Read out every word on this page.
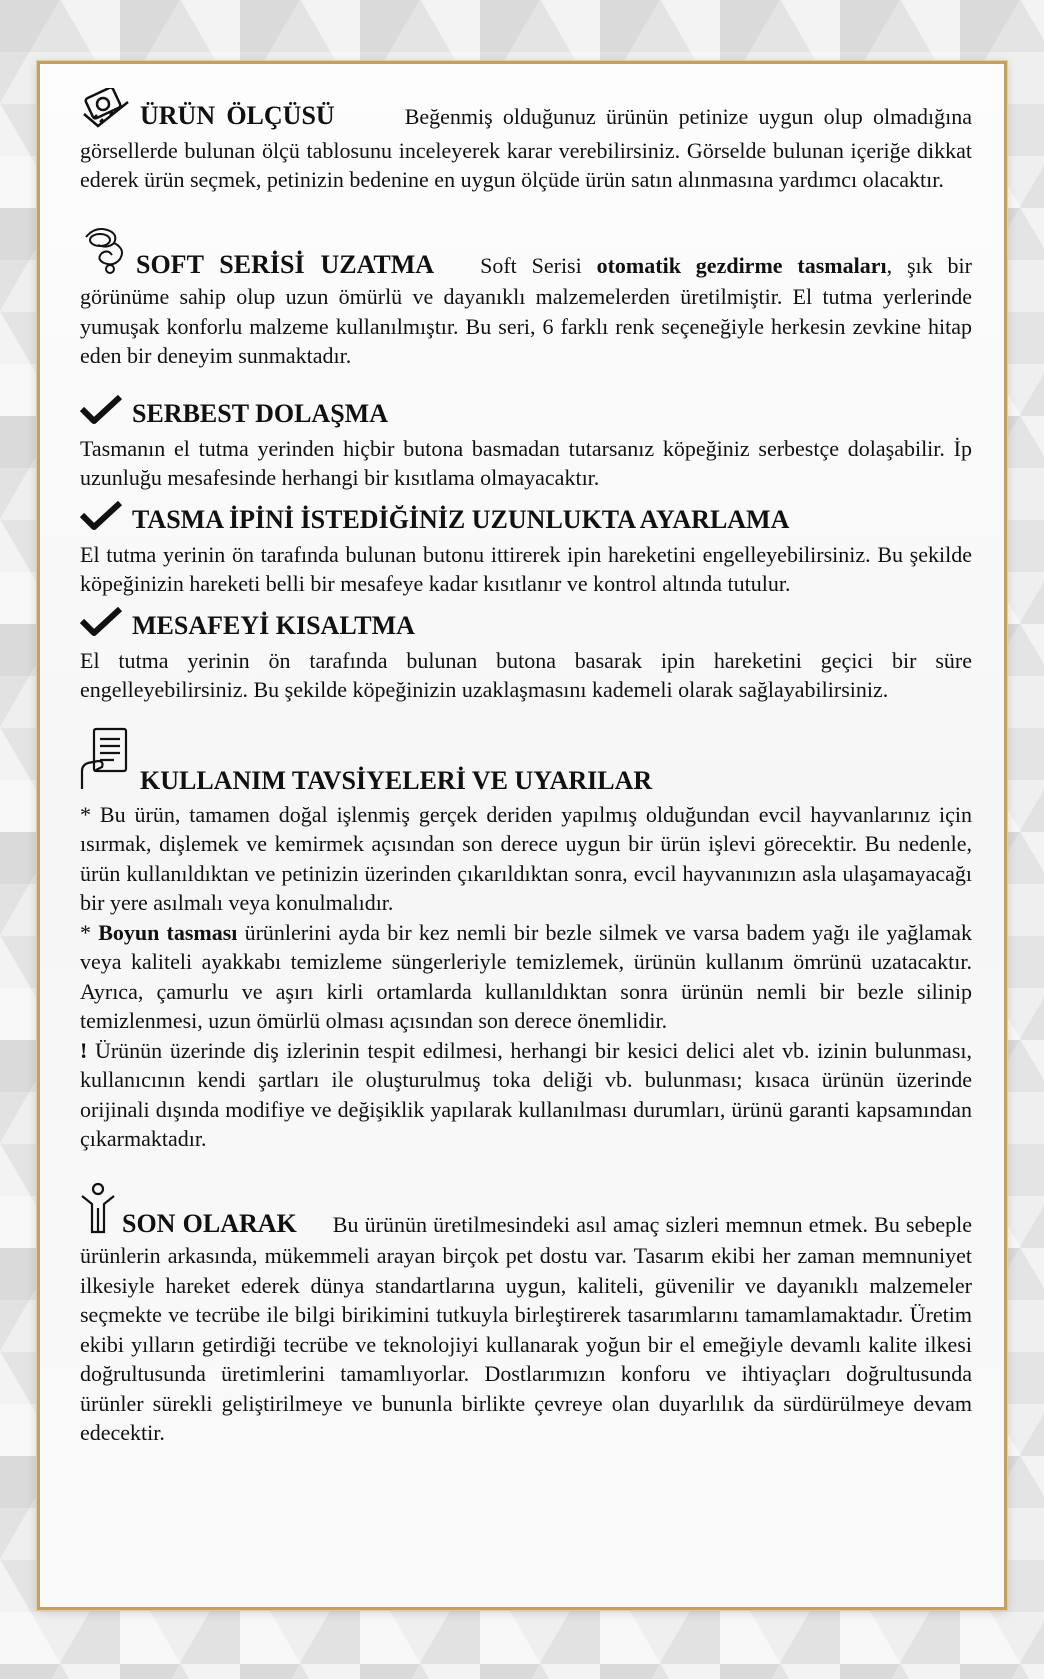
ÜRÜN ÖLÇÜSÜ	Beğenmiş olduğunuz ürünün petinize uygun olup olmadığına görsellerde bulunan ölçü tablosunu inceleyerek karar verebilirsiniz. Görselde bulunan içeriğe dikkat ederek ürün seçmek, petinizin bedenine en uygun ölçüde ürün satın alınmasına yardımcı olacaktır.

SOFT SERİSİ UZATMA Soft Serisi otomatik gezdirme tasmaları, şık bir görünüme sahip olup uzun ömürlü ve dayanıklı malzemelerden üretilmiştir. El tutma yerlerinde yumuşak konforlu malzeme kullanılmıştır. Bu seri, 6 farklı renk seçeneğiyle herkesin zevkine hitap eden bir deneyim sunmaktadır.

SERBEST DOLAŞMA

Tasmanın el tutma yerinden hiçbir butona basmadan tutarsanız köpeğiniz serbestçe dolaşabilir. İp uzunluğu mesafesinde herhangi bir kısıtlama olmayacaktır.

TASMA İPİNİ İSTEDİĞİNİZ UZUNLUKTA AYARLAMA

El tutma yerinin ön tarafında bulunan butonu ittirerek ipin hareketini engelleyebilirsiniz. Bu şekilde köpeğinizin hareketi belli bir mesafeye kadar kısıtlanır ve kontrol altında tutulur.

MESAFEYİ KISALTMA

El tutma yerinin ön tarafında bulunan butona basarak ipin hareketini geçici bir süre engelleyebilirsiniz. Bu şekilde köpeğinizin uzaklaşmasını kademeli olarak sağlayabilirsiniz.

KULLANIM TAVSİYELERİ VE UYARILAR

* Bu ürün, tamamen doğal işlenmiş gerçek deriden yapılmış olduğundan evcil hayvanlarınız için ısırmak, dişlemek ve kemirmek açısından son derece uygun bir ürün işlevi görecektir. Bu nedenle, ürün kullanıldıktan ve petinizin üzerinden çıkarıldıktan sonra, evcil hayvanınızın asla ulaşamayacağı bir yere asılmalı veya konulmalıdır.

* Boyun tasması ürünlerini ayda bir kez nemli bir bezle silmek ve varsa badem yağı ile yağlamak veya kaliteli ayakkabı temizleme süngerleriyle temizlemek, ürünün kullanım ömrünü uzatacaktır. Ayrıca, çamurlu ve aşırı kirli ortamlarda kullanıldıktan sonra ürünün nemli bir bezle silinip temizlenmesi, uzun ömürlü olması açısından son derece önemlidir.

! Ürünün üzerinde diş izlerinin tespit edilmesi, herhangi bir kesici delici alet vb. izinin bulunması, kullanıcının kendi şartları ile oluşturulmuş toka deliği vb. bulunması; kısaca ürünün üzerinde orijinali dışında modifiye ve değişiklik yapılarak kullanılması durumları, ürünü garanti kapsamından çıkarmaktadır.

SON OLARAK Bu ürünün üretilmesindeki asıl amaç sizleri memnun etmek. Bu sebeple ürünlerin arkasında, mükemmeli arayan birçok pet dostu var. Tasarım ekibi her zaman memnuniyet ilkesiyle hareket ederek dünya standartlarına uygun, kaliteli, güvenilir ve dayanıklı malzemeler seçmekte ve tecrübe ile bilgi birikimini tutkuyla birleştirerek tasarımlarını tamamlamaktadır. Üretim ekibi yılların getirdiği tecrübe ve teknolojiyi kullanarak yoğun bir el emeğiyle devamlı kalite ilkesi doğrultusunda üretimlerini tamamlıyorlar. Dostlarımızın konforu ve ihtiyaçları doğrultusunda ürünler sürekli geliştirilmeye ve bununla birlikte çevreye olan duyarlılık da sürdürülmeye devam edecektir.
